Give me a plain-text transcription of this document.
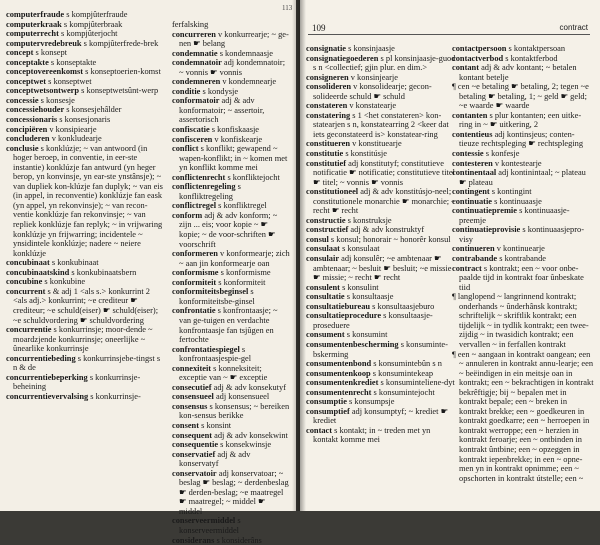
113

computerfraude s kompjûterfraude

computerkraak s kompjûterbraak

computerrecht s kompjûterjocht

computervredebreuk s kompjûterfrede-brek

concept s konsept

conceptakte s konseptakte

conceptovereenkomst s konseptoerien-komst

conceptwet s konseptwet

conceptwetsontwerp s konseptwetsûnt-werp

concessie s konsesje

concessiehouder s konsesjehâlder

concessionaris s konsesjonaris

concipiëren v konsipiearje

concluderen v konkludearje

conclusie s konklúzje; ~ van antwoord (in hoger beroep, in conventie, in eer-ste instantie) konklúzje fan antwurd (yn heger berop, yn konvinsje, yn ear-ste ynstânsje); ~ van dupliek kon-klúzje fan duplyk; ~ van eis (in appel, in reconventie) konklúzje fan eask (yn appel, yn rekonvinsje); ~ van recon-ventie konklúzje fan rekonvinsje; ~ van repliek konklúzje fan replyk; ~ in vrijwaring konklúzje yn frijwarring; incidentele ~ ynsidintele konklúzje; nadere ~ neiere konklúzje

concubinaat s konkubinaat

concubinaatskind s konkubinaatsbern

concubine s konkubine

concurrent s & adj 1 <als s.> konkurrint 2 <als adj.> konkurrint; ~e crediteur ☛ crediteur; ~e schuld(eiser) ☛ schuld(eiser); ~e schuldvordering ☛ schuldvordering

concurrentie s konkurrinsje; moor-dende ~ moardzjende konkurrinsje; oneerlijke ~ ûnearlike konkurrinsje

concurrentiebeding s konkurrinsjebe-tingst s n & de

concurrentiebeperking s konkurrinsje-beheining

concurrentievervalsing s konkurrinsje-

ferfalsking

concurreren v konkurrearje; ~ ge-nen ☛ belang

condemnatie s kondemnaasje

condemnatoir adj kondemnatoir; ~ vonnis ☛ vonnis

condemneren v kondemnearje

conditie s kondysje

conformatoir adj & adv konformatoir; ~ assertoir, assertorisch

confiscatie s konfiskaasje

confisceren v konfiskearje

conflict s konflikt; gewapend ~ wapen-konflikt; in ~ komen met yn konflikt komme mei

conflictenrecht s konfliktejocht

conflictenregeling s konfliktregeling

conflictregel s konfliktregel

conform adj & adv konform; ~ zijn ... eis; voor kopie ~ ☛ kopie; ~ de voor-schriften ☛ voorschrift

conformeren v konformearje; zich ~ aan jin konformearje oan

conformisme s konformisme

conformiteit s konformiteit

conformiteitsbeginsel s konformiteitsbe-ginsel

confrontatie s konfrontaasje; ~ van ge-tuigen en verdachte konfrontaasje fan tsjûgen en fertochte

confrontatiespiegel s konfrontaasjespie-gel

connexiteit s konneksiteit; exceptie van ~ ☛ exceptie

consecutief adj & adv konsekutyf

consensueel adj konsensueel

consensus s konsensus; ~ bereiken kon-sensus berikke

consent s konsint

consequent adj & adv konsekwint

consequentie s konsekwinsje

conservatief adj & adv konservatyf

conservatoir adj konservatoar; ~ beslag ☛ beslag; ~ derdenbeslag ☛ derden-beslag; ~e maatregel ☛ maatregel; ~ middel ☛ middel

conserveermiddel s konserveermiddel

considerans s konsiderâns

109	contract

consignatie s konsinjaasje

consignatiegoederen s pl konsinjaasje-guod s n <collectief; gjin plur. en dim.>

consigneren v konsinjearje

consolideren v konsolidearje; gecon-solideerde schuld ☛ schuld

constateren v konstatearje

constatering s 1 <het constateren> kon-statearjen s n, konstatearring 2 <keer dat iets geconstateerd is> konstatear-ring

constitueren v konstituearje

constitutie s konstitúsje

constitutief adj konstitutyf; constitutieve notificatie ☛ notificatie; constitutieve titel ☛ titel; ~ vonnis ☛ vonnis

constitutioneel adj & adv konstitúsjo-neel; constitutionele monarchie ☛ monarchie; ~ recht ☛ recht

constructie s konstruksje

constructief adj & adv konstruktyf

consul s konsul; honorair ~ honorêr konsul

consulaat s konsulaat

consulair adj konsulêr; ~e ambtenaar ☛ ambtenaar; ~ besluit ☛ besluit; ~e missie ☛ missie; ~ recht ☛ recht

consulent s konsulint

consultatie s konsultaasje

consultatiebureau s konsultaasjeburo

consultatieprocedure s konsultaasje-proseduere

consument s konsumint

consumentenbescherming s konsuminte-bskerming

consumentenbond s konsumintebûn s n

consumentenkoop s konsumintekeap

consumentenkrediet s konsuminteliene-dyt

consumentenrecht s konsumintejocht

consumptie s konsumpsje

consumptief adj konsumptyf; ~ krediet ☛ krediet

contact s kontakt; in ~ treden met yn kontakt komme mei

contactpersoon s kontaktpersoan

contactverbod s kontaktferbod

contant adj & adv kontant; ~ betalen kontant betelje

¶ cen ~e betaling ☛ betaling, 2; tegen ~e betaling ☛ betaling, 1; ~ geld ☛ geld; ~e waarde ☛ waarde

contanten s plur kontanten; een uitke-ring in ~ ☛ uitkering, 2

contentieus adj kontinsjeus; conten-tieuze rechtspleging ☛ rechtspleging

contessie s konfesje

contesteren v kontestearje

continentaal adj kontinintaal; ~ plateau ☛ plateau

contingent s kontingint

continuatie s kontinuaasje

continuatiepremie s kontinuaasje-preemje

continuatieprovisie s kontinuaasjepro-visy

continueren v kontinuearje

contrabande s kontrabande

contract s kontrakt; een ~ voor onbe-paalde tijd in kontrakt foar ûnbeskate tiid

¶ langlopend ~ langrinnend kontrakt; onderhands ~ ûnderhânsk kontrakt; schriftelijk ~ skriftlik kontrakt; een tijdelijk ~ in tydlik kontrakt; een twee-zijdig ~ in twasidich kontrakt; een vervallen ~ in ferfallen kontrakt

¶ een ~ aangaan in kontrakt oangean; een ~ annuleren in kontrakt annu-learje; een ~ beëindigen in ein meitsje oan in kontrakt; een ~ bekrachtigen in kontrakt bekrêftigje; bij ~ bepalen met in kontrakt bepale; een ~ breken in kontrakt brekke; een ~ goedkeuren in kontrakt goedkarre; een ~ herroepen in kontrakt werroppe; een ~ herzien in kontrakt feroarje; een ~ ontbinden in kontrakt ûntbine; een ~ opzeggen in kontrakt iepenbrekke; in een ~ opne-men yn in kontrakt opnimme; een ~ opschorten in kontrakt útstelle; een ~
